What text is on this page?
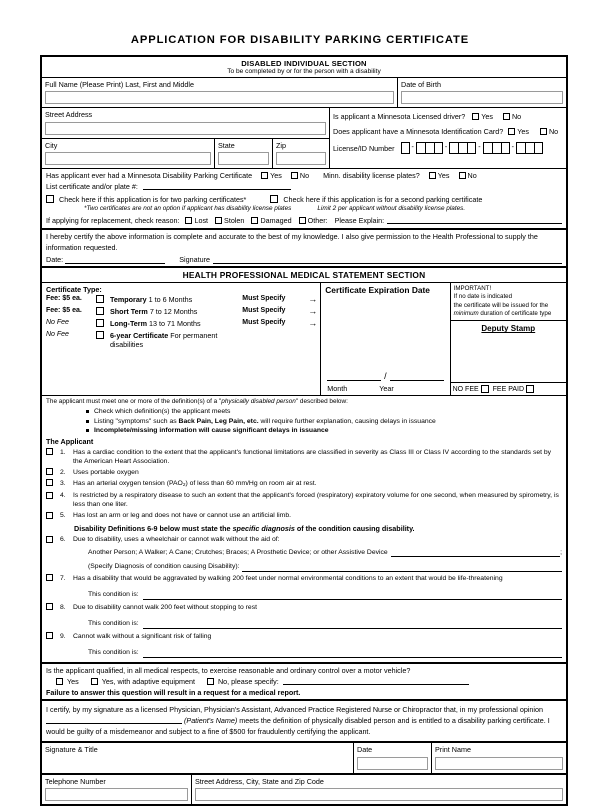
APPLICATION FOR DISABILITY PARKING CERTIFICATE
DISABLED INDIVIDUAL SECTION
To be completed by or for the person with a disability
Full Name (Please Print) Last, First and Middle	Date of Birth
Street Address
City	State	Zip
Is applicant a Minnesota Licensed driver?	Yes	No
Does applicant have a Minnesota Identification Card?	Yes	No
License/ID Number -	-	-	-
Has applicant ever had a Minnesota Disability Parking Certificate	Yes	No Minn. disability license plates?	Yes	No
List certificate and/or plate #:
Check here if this application is for two parking certificates*	Check here if this application is for a second parking certificate
*Two certificates are not an option if applicant has disability license plates	Limit 2 per applicant without disability license plates.
If applying for replacement, check reason:	Lost	Stolen	Damaged	Other: Please Explain:
I hereby certify the above information is complete and accurate to the best of my knowledge. I also give permission to the Health Professional to supply the information requested.
Date:	Signature
HEALTH PROFESSIONAL MEDICAL STATEMENT SECTION
Certificate Type:
Fee: $5 ea.	Temporary 1 to 6 Months	Must Specify	→
Fee: $5 ea.	Short Term 7 to 12 Months	Must Specify	→
No Fee	Long-Term 13 to 71 Months	Must Specify	→
No Fee	6-year Certificate For permanent disabilities
Certificate Expiration Date
/
Month	Year
IMPORTANT!
If no date is indicated
the certificate will be issued for the
minimum duration of certificate type
Deputy Stamp
NO FEE FEE PAID
The applicant must meet one or more of the definition(s) of a "physically disabled person" described below:
Check which definition(s) the applicant meets
Listing "symptoms" such as Back Pain, Leg Pain, etc. will require further explanation, causing delays in issuance
Incomplete/missing information will cause significant delays in issuance
The Applicant
1.	Has a cardiac condition to the extent that the applicant's functional limitations are classified in severity as Class III or Class IV according to the standards set by the American Heart Association.
2.	Uses portable oxygen
3.	Has an arterial oxygen tension $(PAO_2)$ of less than 60 mm/Hg on room air at rest.
4.	Is restricted by a respiratory disease to such an extent that the applicant's forced (respiratory) expiratory volume for one second, when measured by spirometry, is less than one liter.
5.	Has lost an arm or leg and does not have or cannot use an artificial limb.
Disability Definitions 6-9 below must state the specific diagnosis of the condition causing disability.
6.	Due to disability, uses a wheelchair or cannot walk without the aid of:
Another Person; A Walker; A Cane; Crutches; Braces; A Prosthetic Device; or other Assistive Device	;
(Specify Diagnosis of condition causing Disability):
7.	Has a disability that would be aggravated by walking 200 feet under normal environmental conditions to an extent that would be life-threatening
This condition is:
8.	Due to disability cannot walk 200 feet without stopping to rest
This condition is:
9.	Cannot walk without a significant risk of falling
This condition is:
Is the applicant qualified, in all medical respects, to exercise reasonable and ordinary control over a motor vehicle?
Yes	Yes, with adaptive equipment	No, please specify:
Failure to answer this question will result in a request for a medical report.
I certify, by my signature as a licensed Physician, Physician's Assistant, Advanced Practice Registered Nurse or Chiropractor that, in my professional opinion  (Patient's Name) meets the definition of physically disabled person and is entitled to a disability parking certificate. I would be guilty of a misdemeanor and subject to a fine of $500 for fraudulently certifying the applicant.
Signature & Title	Date	Print Name
Telephone Number	Street Address, City, State and Zip Code
